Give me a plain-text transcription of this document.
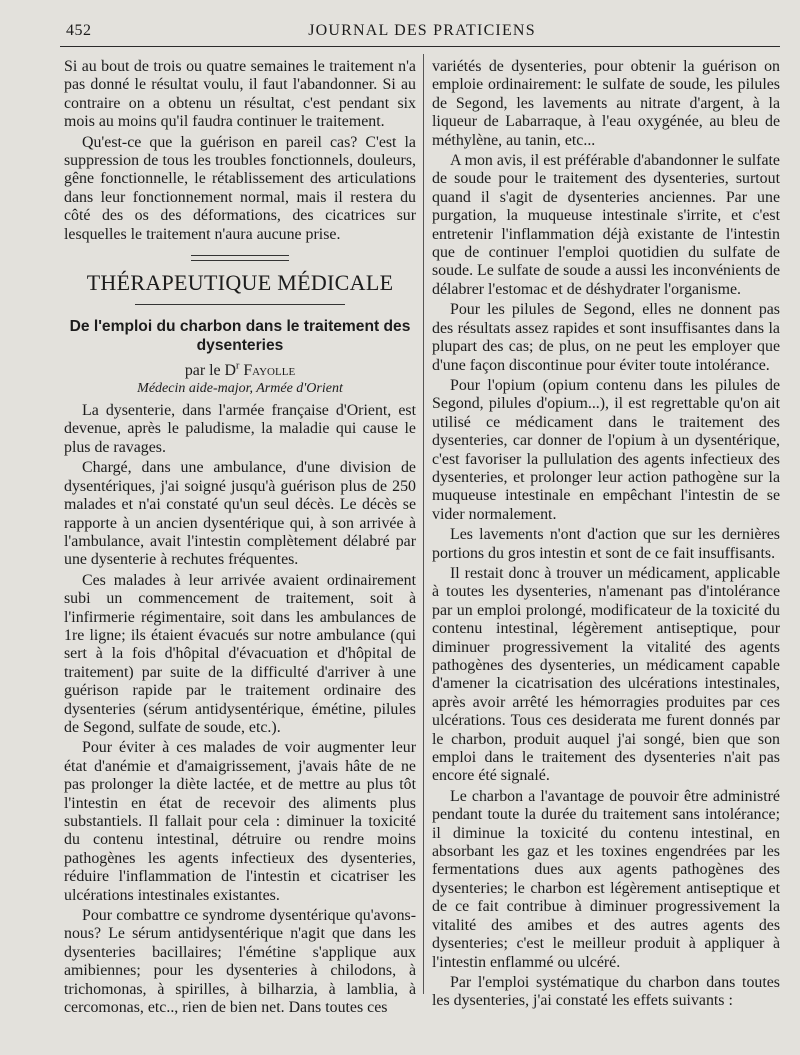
452	JOURNAL DES PRATICIENS

Si au bout de trois ou quatre semaines le traitement n'a pas donné le résultat voulu, il faut l'abandonner. Si au contraire on a obtenu un résultat, c'est pendant six mois au moins qu'il faudra continuer le traitement.

Qu'est-ce que la guérison en pareil cas? C'est la suppression de tous les troubles fonctionnels, douleurs, gêne fonctionnelle, le rétablissement des articulations dans leur fonctionnement normal, mais il restera du côté des os des déformations, des cicatrices sur lesquelles le traitement n'aura aucune prise.

THÉRAPEUTIQUE MÉDICALE
De l'emploi du charbon dans le traitement des dysenteries
par le $D^r$ Fayolle
Médecin aide-major, Armée d'Orient

La dysenterie, dans l'armée française d'Orient, est devenue, après le paludisme, la maladie qui cause le plus de ravages.

Chargé, dans une ambulance, d'une division de dysentériques, j'ai soigné jusqu'à guérison plus de 250 malades et n'ai constaté qu'un seul décès. Le décès se rapporte à un ancien dysentérique qui, à son arrivée à l'ambulance, avait l'intestin complètement délabré par une dysenterie à rechutes fréquentes.

Ces malades à leur arrivée avaient ordinairement subi un commencement de traitement, soit à l'infirmerie régimentaire, soit dans les ambulances de 1re ligne; ils étaient évacués sur notre ambulance (qui sert à la fois d'hôpital d'évacuation et d'hôpital de traitement) par suite de la difficulté d'arriver à une guérison rapide par le traitement ordinaire des dysenteries (sérum antidysentérique, émétine, pilules de Segond, sulfate de soude, etc.).

Pour éviter à ces malades de voir augmenter leur état d'anémie et d'amaigrissement, j'avais hâte de ne pas prolonger la diète lactée, et de mettre au plus tôt l'intestin en état de recevoir des aliments plus substantiels. Il fallait pour cela : diminuer la toxicité du contenu intestinal, détruire ou rendre moins pathogènes les agents infectieux des dysenteries, réduire l'inflammation de l'intestin et cicatriser les ulcérations intestinales existantes.

Pour combattre ce syndrome dysentérique qu'avons-nous? Le sérum antidysentérique n'agit que dans les dysenteries bacillaires; l'émétine s'applique aux amibiennes; pour les dysenteries à chilodons, à trichomonas, à spirilles, à bilharzia, à lamblia, à cercomonas, etc.., rien de bien net. Dans toutes ces

variétés de dysenteries, pour obtenir la guérison on emploie ordinairement: le sulfate de soude, les pilules de Segond, les lavements au nitrate d'argent, à la liqueur de Labarraque, à l'eau oxygénée, au bleu de méthylène, au tanin, etc...

A mon avis, il est préférable d'abandonner le sulfate de soude pour le traitement des dysenteries, surtout quand il s'agit de dysenteries anciennes. Par une purgation, la muqueuse intestinale s'irrite, et c'est entretenir l'inflammation déjà existante de l'intestin que de continuer l'emploi quotidien du sulfate de soude. Le sulfate de soude a aussi les inconvénients de délabrer l'estomac et de déshydrater l'organisme.

Pour les pilules de Segond, elles ne donnent pas des résultats assez rapides et sont insuffisantes dans la plupart des cas; de plus, on ne peut les employer que d'une façon discontinue pour éviter toute intolérance.

Pour l'opium (opium contenu dans les pilules de Segond, pilules d'opium...), il est regrettable qu'on ait utilisé ce médicament dans le traitement des dysenteries, car donner de l'opium à un dysentérique, c'est favoriser la pullulation des agents infectieux des dysenteries, et prolonger leur action pathogène sur la muqueuse intestinale en empêchant l'intestin de se vider normalement.

Les lavements n'ont d'action que sur les dernières portions du gros intestin et sont de ce fait insuffisants.

Il restait donc à trouver un médicament, applicable à toutes les dysenteries, n'amenant pas d'intolérance par un emploi prolongé, modificateur de la toxicité du contenu intestinal, légèrement antiseptique, pour diminuer progressivement la vitalité des agents pathogènes des dysenteries, un médicament capable d'amener la cicatrisation des ulcérations intestinales, après avoir arrêté les hémorragies produites par ces ulcérations. Tous ces desiderata me furent donnés par le charbon, produit auquel j'ai songé, bien que son emploi dans le traitement des dysenteries n'ait pas encore été signalé.

Le charbon a l'avantage de pouvoir être administré pendant toute la durée du traitement sans intolérance; il diminue la toxicité du contenu intestinal, en absorbant les gaz et les toxines engendrées par les fermentations dues aux agents pathogènes des dysenteries; le charbon est légèrement antiseptique et de ce fait contribue à diminuer progressivement la vitalité des amibes et des autres agents des dysenteries; c'est le meilleur produit à appliquer à l'intestin enflammé ou ulcéré.

Par l'emploi systématique du charbon dans toutes les dysenteries, j'ai constaté les effets suivants :
